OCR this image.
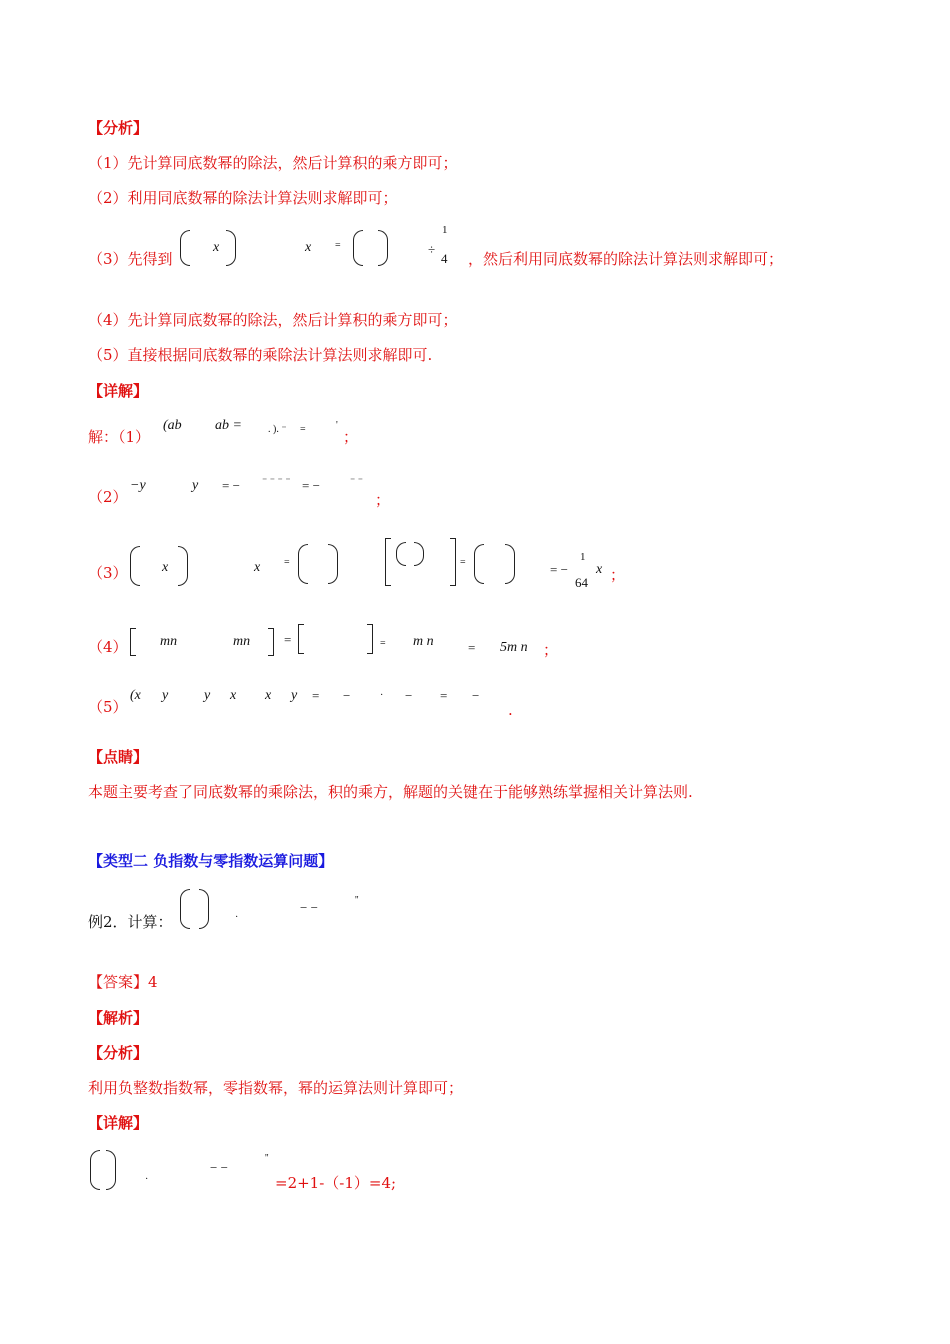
【分析】
（1）先计算同底数幂的除法，然后计算积的乘方即可；
（2）利用同底数幂的除法计算法则求解即可；
（3）先得到
x	x =	÷
1
4 ，然后利用同底数幂的除法计算法则求解即可；
（4）先计算同底数幂的除法，然后计算积的乘方即可；
（5）直接根据同底数幂的乘除法计算法则求解即可.
【详解】
解：（1）
(ab ab =	. ). ⁻ =	'
；
（2）
−y	y = − ⁻ ⁻ ⁻ ⁻ = −	⁻ ⁻
；
（3） x	x =	=	= −
1
64
x ；
（4） mn	mn	=	= m n	= 5m n ；
（5）
(x y	y x x y = −	· − = −
.
【点睛】
本题主要考查了同底数幂的乘除法，积的乘方，解题的关键在于能够熟练掌握相关计算法则.
【类型二 负指数与零指数运算问题】
例2．计算：	·
− −	''
【答案】4
【解析】
【分析】
利用负整数指数幂，零指数幂，幂的运算法则计算即可；
【详解】
·
− −
''
=2+1-（-1）=4;
